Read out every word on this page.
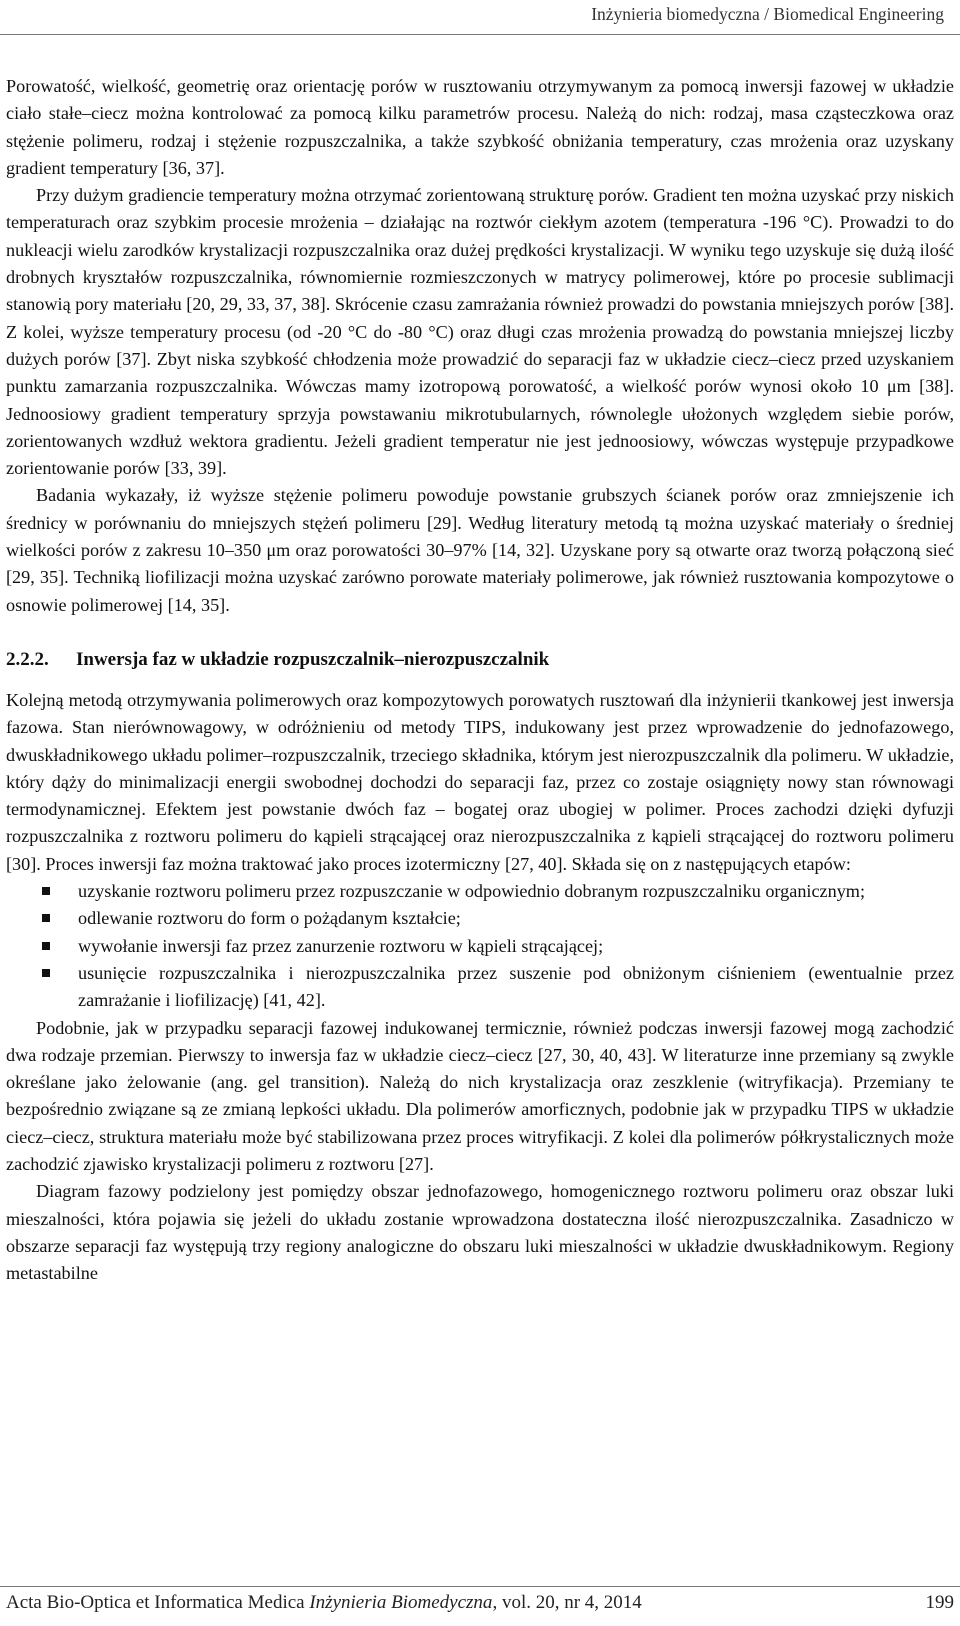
Inżynieria biomedyczna / Biomedical Engineering

Porowatość, wielkość, geometrię oraz orientację porów w rusztowaniu otrzymywanym za pomocą inwersji fazowej w układzie ciało stałe–ciecz można kontrolować za pomocą kilku parametrów procesu. Należą do nich: rodzaj, masa cząsteczkowa oraz stężenie polimeru, rodzaj i stężenie rozpuszczalnika, a także szybkość obniżania temperatury, czas mrożenia oraz uzyskany gradient temperatury [36, 37].

Przy dużym gradiencie temperatury można otrzymać zorientowaną strukturę porów. Gradient ten można uzyskać przy niskich temperaturach oraz szybkim procesie mrożenia – działając na roztwór ciekłym azotem (temperatura -196 °C). Prowadzi to do nukleacji wielu zarodków krystalizacji rozpuszczalnika oraz dużej prędkości krystalizacji. W wyniku tego uzyskuje się dużą ilość drobnych kryształów rozpuszczalnika, równomiernie rozmieszczonych w matrycy polimerowej, które po procesie sublimacji stanowią pory materiału [20, 29, 33, 37, 38]. Skrócenie czasu zamrażania również prowadzi do powstania mniejszych porów [38]. Z kolei, wyższe temperatury procesu (od -20 °C do -80 °C) oraz długi czas mrożenia prowadzą do powstania mniejszej liczby dużych porów [37]. Zbyt niska szybkość chłodzenia może prowadzić do separacji faz w układzie ciecz–ciecz przed uzyskaniem punktu zamarzania rozpuszczalnika. Wówczas mamy izotropową porowatość, a wielkość porów wynosi około 10 μm [38]. Jednoosiowy gradient temperatury sprzyja powstawaniu mikrotubularnych, równolegle ułożonych względem siebie porów, zorientowanych wzdłuż wektora gradientu. Jeżeli gradient temperatur nie jest jednoosiowy, wówczas występuje przypadkowe zorientowanie porów [33, 39].

Badania wykazały, iż wyższe stężenie polimeru powoduje powstanie grubszych ścianek porów oraz zmniejszenie ich średnicy w porównaniu do mniejszych stężeń polimeru [29]. Według literatury metodą tą można uzyskać materiały o średniej wielkości porów z zakresu 10–350 μm oraz porowatości 30–97% [14, 32]. Uzyskane pory są otwarte oraz tworzą połączoną sieć [29, 35]. Techniką liofilizacji można uzyskać zarówno porowate materiały polimerowe, jak również rusztowania kompozytowe o osnowie polimerowej [14, 35].

2.2.2. Inwersja faz w układzie rozpuszczalnik–nierozpuszczalnik

Kolejną metodą otrzymywania polimerowych oraz kompozytowych porowatych rusztowań dla inżynierii tkankowej jest inwersja fazowa. Stan nierównowagowy, w odróżnieniu od metody TIPS, indukowany jest przez wprowadzenie do jednofazowego, dwuskładnikowego układu polimer–rozpuszczalnik, trzeciego składnika, którym jest nierozpuszczalnik dla polimeru. W układzie, który dąży do minimalizacji energii swobodnej dochodzi do separacji faz, przez co zostaje osiągnięty nowy stan równowagi termodynamicznej. Efektem jest powstanie dwóch faz – bogatej oraz ubogiej w polimer. Proces zachodzi dzięki dyfuzji rozpuszczalnika z roztworu polimeru do kąpieli strącającej oraz nierozpuszczalnika z kąpieli strącającej do roztworu polimeru [30]. Proces inwersji faz można traktować jako proces izotermiczny [27, 40]. Składa się on z następujących etapów:

uzyskanie roztworu polimeru przez rozpuszczanie w odpowiednio dobranym rozpuszczalniku organicznym;
odlewanie roztworu do form o pożądanym kształcie;
wywołanie inwersji faz przez zanurzenie roztworu w kąpieli strącającej;
usunięcie rozpuszczalnika i nierozpuszczalnika przez suszenie pod obniżonym ciśnieniem (ewentualnie przez zamrażanie i liofilizację) [41, 42].

Podobnie, jak w przypadku separacji fazowej indukowanej termicznie, również podczas inwersji fazowej mogą zachodzić dwa rodzaje przemian. Pierwszy to inwersja faz w układzie ciecz–ciecz [27, 30, 40, 43]. W literaturze inne przemiany są zwykle określane jako żelowanie (ang. gel transition). Należą do nich krystalizacja oraz zeszklenie (witryfikacja). Przemiany te bezpośrednio związane są ze zmianą lepkości układu. Dla polimerów amorficznych, podobnie jak w przypadku TIPS w układzie ciecz–ciecz, struktura materiału może być stabilizowana przez proces witryfikacji. Z kolei dla polimerów półkrystalicznych może zachodzić zjawisko krystalizacji polimeru z roztworu [27].

Diagram fazowy podzielony jest pomiędzy obszar jednofazowego, homogenicznego roztworu polimeru oraz obszar luki mieszalności, która pojawia się jeżeli do układu zostanie wprowadzona dostateczna ilość nierozpuszczalnika. Zasadniczo w obszarze separacji faz występują trzy regiony analogiczne do obszaru luki mieszalności w układzie dwuskładnikowym. Regiony metastabilne

Acta Bio-Optica et Informatica Medica Inżynieria Biomedyczna, vol. 20, nr 4, 2014	199
